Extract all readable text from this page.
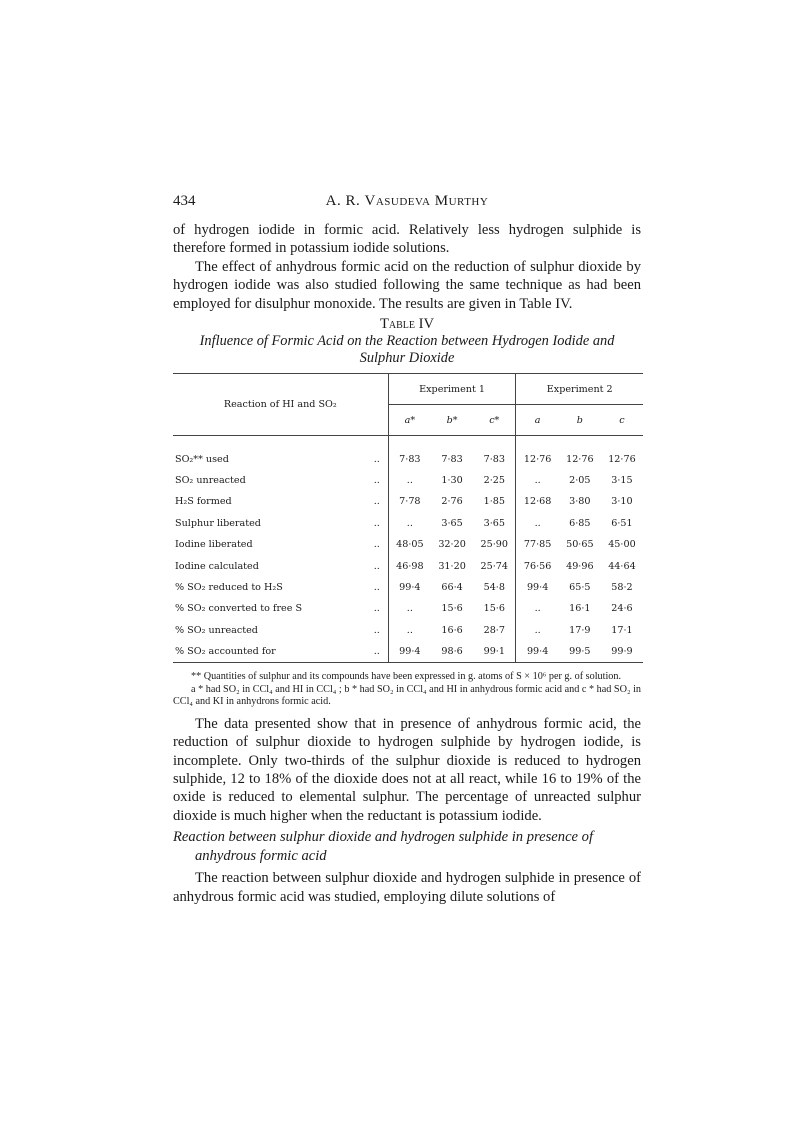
434	A. R. Vasudeva Murthy

of hydrogen iodide in formic acid. Relatively less hydrogen sulphide is therefore formed in potassium iodide solutions.

The effect of anhydrous formic acid on the reduction of sulphur dioxide by hydrogen iodide was also studied following the same technique as had been employed for disulphur monoxide. The results are given in Table IV.

Table IV
Influence of Formic Acid on the Reaction between Hydrogen Iodide and Sulphur Dioxide
Reaction of HI and SO₂		Experiment 1			Experiment 2		
		a*	b*	c*	a	b	c
SO₂** used	..	7·83	7·83	7·83	12·76	12·76	12·76
SO₂ unreacted	..	..	1·30	2·25	..	2·05	3·15
H₂S formed	..	7·78	2·76	1·85	12·68	3·80	3·10
Sulphur liberated	..	..	3·65	3·65	..	6·85	6·51
Iodine liberated	..	48·05	32·20	25·90	77·85	50·65	45·00
Iodine calculated	..	46·98	31·20	25·74	76·56	49·96	44·64
% SO₂ reduced to H₂S	..	99·4	66·4	54·8	99·4	65·5	58·2
% SO₂ converted to free S	..	..	15·6	15·6	..	16·1	24·6
% SO₂ unreacted	..	..	16·6	28·7	..	17·9	17·1
% SO₂ accounted for	..	99·4	98·6	99·1	99·4	99·5	99·9
** Quantities of sulphur and its compounds have been expressed in g. atoms of S × 10⁶ per g. of solution.
a * had SO₂ in CCl₄ and HI in CCl₄ ; b * had SO₂ in CCl₄ and HI in anhydrous formic acid and c * had SO₂ in CCl₄ and KI in anhydrons formic acid.

The data presented show that in presence of anhydrous formic acid, the reduction of sulphur dioxide to hydrogen sulphide by hydrogen iodide, is incomplete. Only two-thirds of the sulphur dioxide is reduced to hydrogen sulphide, 12 to 18% of the dioxide does not at all react, while 16 to 19% of the oxide is reduced to elemental sulphur. The percentage of unreacted sulphur dioxide is much higher when the reductant is potassium iodide.

Reaction between sulphur dioxide and hydrogen sulphide in presence of anhydrous formic acid

The reaction between sulphur dioxide and hydrogen sulphide in presence of anhydrous formic acid was studied, employing dilute solutions of
